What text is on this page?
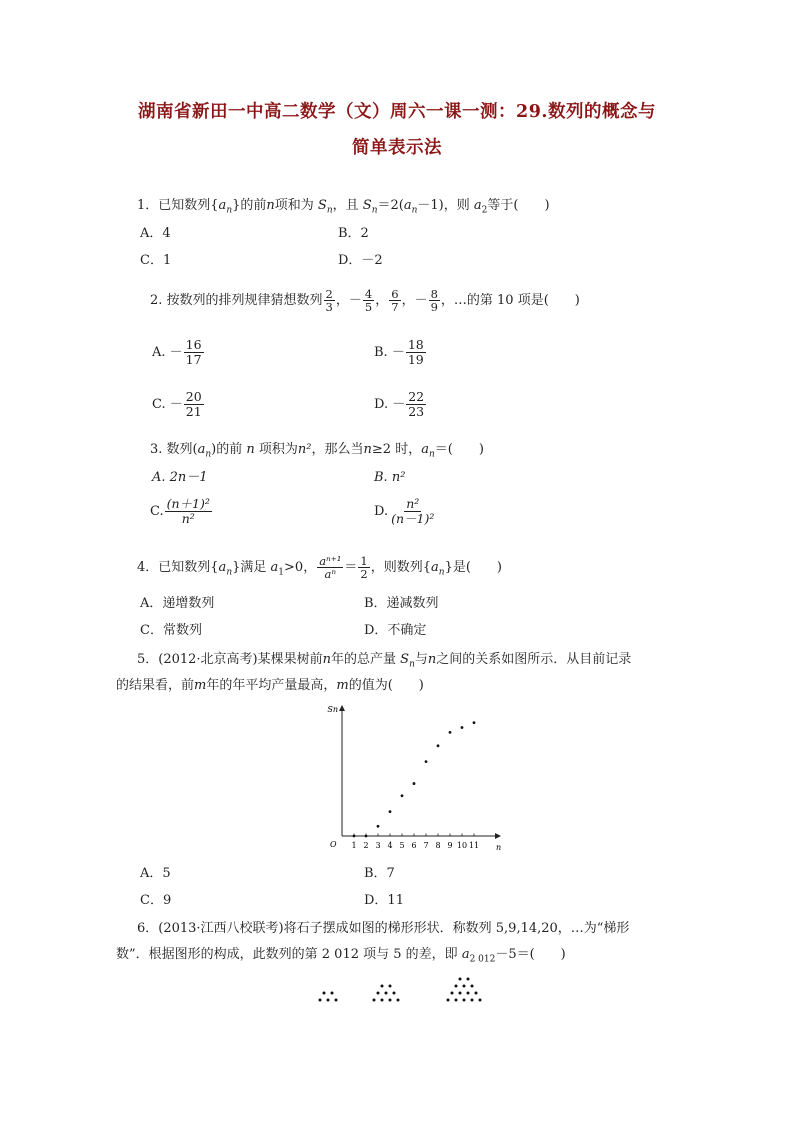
湖南省新田一中高二数学（文）周六一课一测：29.数列的概念与
简单表示法
1．已知数列$\{a_n\}$的前n项和为 $S_n$，且 $S_n=2(a_n-1)$，则 $a_2$等于(　　)
A．4	B．2
C．1	D．－2
2. 按数列的排列规律猜想数列 $\frac{2}{3}$ ，－ $\frac{4}{5}$ ， $\frac{6}{7}$ ，－ $\frac{8}{9}$ ，…的第 10 项是(　　)
A. － $\frac{16}{17}$	B. － $\frac{18}{19}$
C. － $\frac{20}{21}$	D. － $\frac{22}{23}$
3. 数列$(a_n)$的前 n 项积为n²，那么当n≥2 时，$a_n=$(　　)
A. 2n－1	B. n²
C. $\frac{\text{(n＋1)²}}{\text{n²}}$	D. $\frac{\text{n²}}{\text{(n－1)²}}$
4．已知数列$\{a_n\}$满足 $a_1>0$， $\frac{\text{aⁿ⁺¹}}{\text{aⁿ}} = \frac{1}{2}$ ，则数列$\{a_n\}$是(　　)
A．递增数列	B．递减数列
C．常数列	D．不确定
5．(2012·北京高考)某棵果树前n年的总产量 $S_n$与n之间的关系如图所示．从目前记录
的结果看，前m年的年平均产量最高，m的值为(　　)
Sn
n
O 1 2 3 4 5 6 7 8 9 10 11
A．5	B．7
C．9	D．11
6．(2013·江西八校联考)将石子摆成如图的梯形形状．称数列 5,9,14,20，…为“梯形
数”．根据图形的构成，此数列的第 2 012 项与 5 的差，即 $a_{2 012}-5=$(　　)
